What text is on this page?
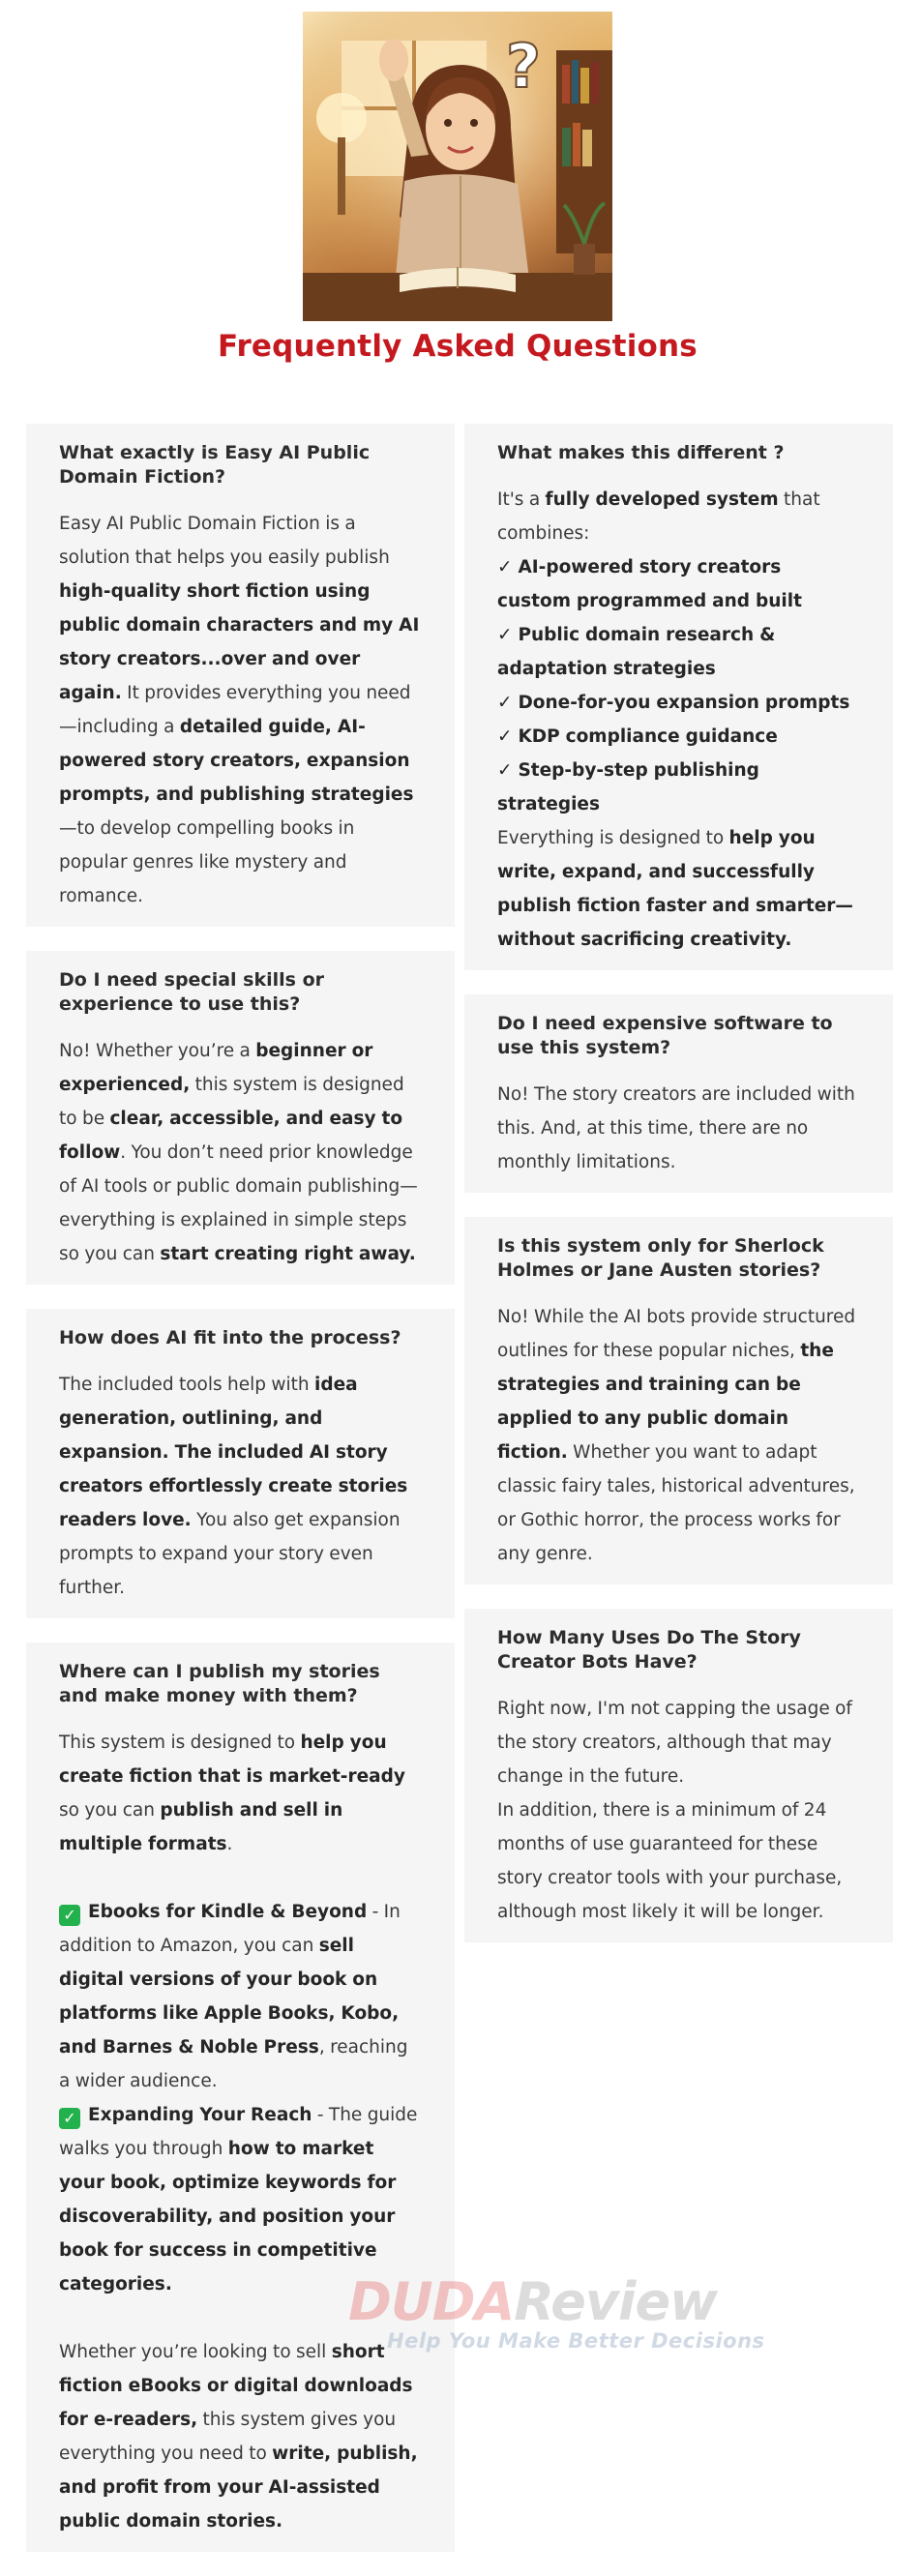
?
Frequently Asked Questions
What exactly is Easy AI Public Domain Fiction?
Easy AI Public Domain Fiction is a solution that helps you easily publish high-quality short fiction using public domain characters and my AI story creators...over and over again. It provides everything you need—including a detailed guide, AI-powered story creators, expansion prompts, and publishing strategies—to develop compelling books in popular genres like mystery and romance.
Do I need special skills or experience to use this?
No! Whether you’re a beginner or experienced, this system is designed to be clear, accessible, and easy to follow. You don’t need prior knowledge of AI tools or public domain publishing—everything is explained in simple steps so you can start creating right away.
How does AI fit into the process?
The included tools help with idea generation, outlining, and expansion. The included AI story creators effortlessly create stories readers love. You also get expansion prompts to expand your story even further.
Where can I publish my stories and make money with them?
This system is designed to help you create fiction that is market-ready so you can publish and sell in multiple formats.

✓ Ebooks for Kindle & Beyond - In addition to Amazon, you can sell digital versions of your book on platforms like Apple Books, Kobo, and Barnes & Noble Press, reaching a wider audience.
✓ Expanding Your Reach - The guide walks you through how to market your book, optimize keywords for discoverability, and position your book for success in competitive categories.

Whether you’re looking to sell short fiction eBooks or digital downloads for e-readers, this system gives you everything you need to write, publish, and profit from your AI-assisted public domain stories.
What makes this different ?
It's a fully developed system that combines:
✓ AI-powered story creators custom programmed and built
✓ Public domain research & adaptation strategies
✓ Done-for-you expansion prompts
✓ KDP compliance guidance
✓ Step-by-step publishing strategies
Everything is designed to help you write, expand, and successfully publish fiction faster and smarter—without sacrificing creativity.
Do I need expensive software to use this system?
No! The story creators are included with this. And, at this time, there are no monthly limitations.
Is this system only for Sherlock Holmes or Jane Austen stories?
No! While the AI bots provide structured outlines for these popular niches, the strategies and training can be applied to any public domain fiction. Whether you want to adapt classic fairy tales, historical adventures, or Gothic horror, the process works for any genre.
How Many Uses Do The Story Creator Bots Have?
Right now, I'm not capping the usage of the story creators, although that may change in the future.
In addition, there is a minimum of 24 months of use guaranteed for these story creator tools with your purchase, although most likely it will be longer.
DUDAReview
Help You Make Better Decisions
